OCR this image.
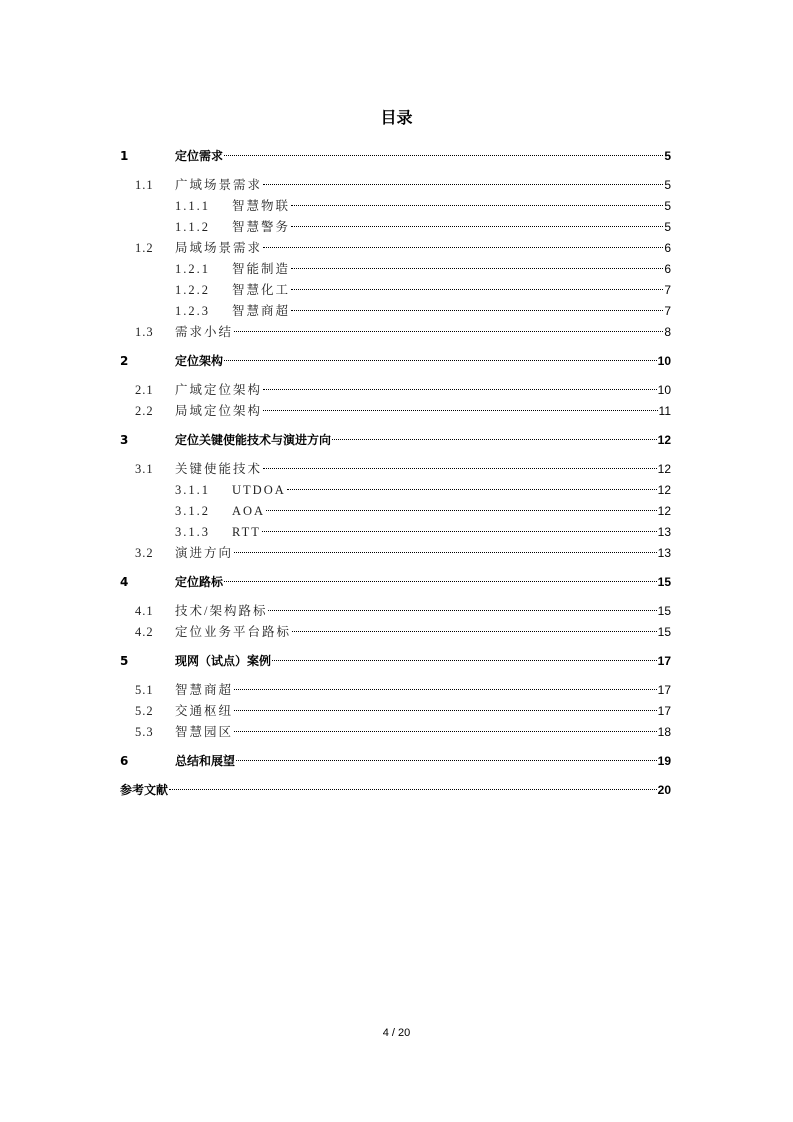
目录
1	定位需求	5
1.1 广域场景需求	5
1.1.1 智慧物联	5
1.1.2 智慧警务	5
1.2 局域场景需求	6
1.2.1 智能制造	6
1.2.2 智慧化工	7
1.2.3 智慧商超	7
1.3 需求小结	8
2	定位架构	10
2.1 广域定位架构	10
2.2 局域定位架构	11
3	定位关键使能技术与演进方向	12
3.1 关键使能技术	12
3.1.1 UTDOA	12
3.1.2 AOA	12
3.1.3 RTT	13
3.2 演进方向	13
4	定位路标	15
4.1 技术/架构路标	15
4.2 定位业务平台路标	15
5	现网（试点）案例	17
5.1 智慧商超	17
5.2 交通枢纽	17
5.3 智慧园区	18
6	总结和展望	19
参考文献	20
4 / 20
